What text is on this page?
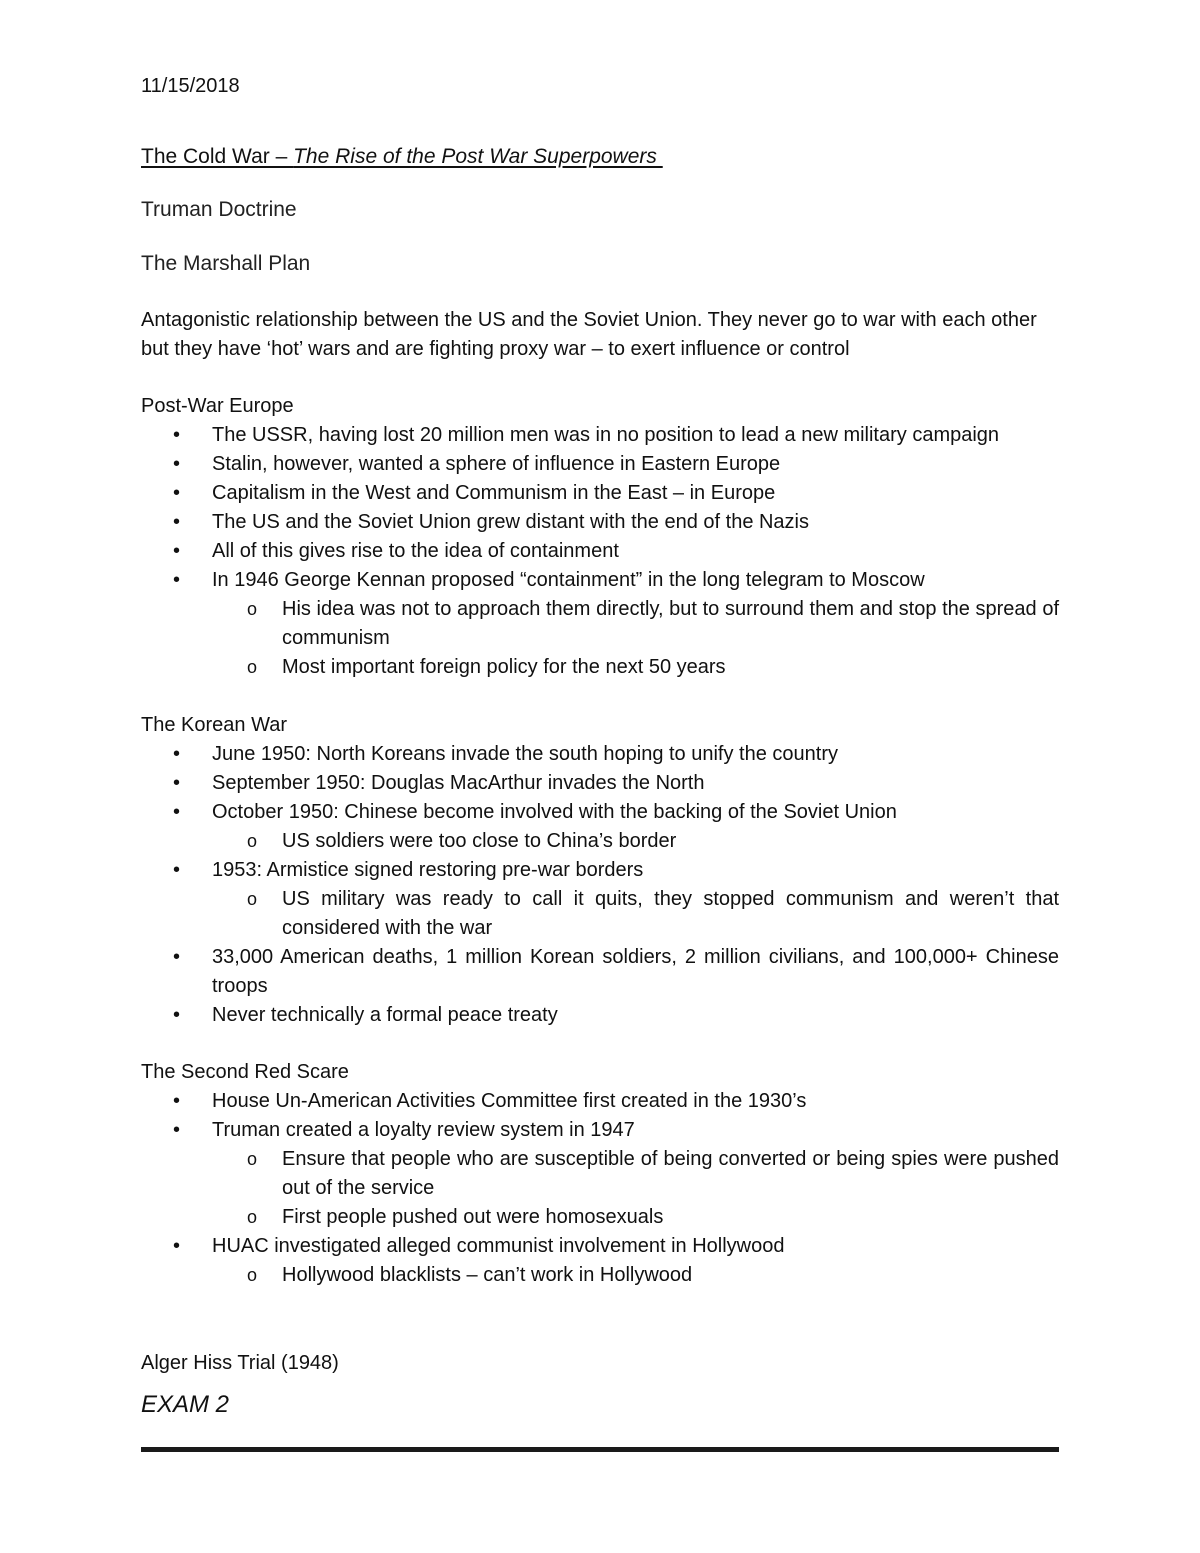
11/15/2018
The Cold War – The Rise of the Post War Superpowers
Truman Doctrine
The Marshall Plan
Antagonistic relationship between the US and the Soviet Union. They never go to war with each other but they have ‘hot’ wars and are fighting proxy war – to exert influence or control
Post-War Europe
• The USSR, having lost 20 million men was in no position to lead a new military campaign
• Stalin, however, wanted a sphere of influence in Eastern Europe
• Capitalism in the West and Communism in the East – in Europe
• The US and the Soviet Union grew distant with the end of the Nazis
• All of this gives rise to the idea of containment
• In 1946 George Kennan proposed “containment” in the long telegram to Moscow
o His idea was not to approach them directly, but to surround them and stop the spread of communism
o Most important foreign policy for the next 50 years
The Korean War
• June 1950: North Koreans invade the south hoping to unify the country
• September 1950: Douglas MacArthur invades the North
• October 1950: Chinese become involved with the backing of the Soviet Union
o US soldiers were too close to China’s border
• 1953: Armistice signed restoring pre-war borders
o US military was ready to call it quits, they stopped communism and weren’t that considered with the war
• 33,000 American deaths, 1 million Korean soldiers, 2 million civilians, and 100,000+ Chinese troops
• Never technically a formal peace treaty
The Second Red Scare
• House Un-American Activities Committee first created in the 1930’s
• Truman created a loyalty review system in 1947
o Ensure that people who are susceptible of being converted or being spies were pushed out of the service
o First people pushed out were homosexuals
• HUAC investigated alleged communist involvement in Hollywood
o Hollywood blacklists – can’t work in Hollywood
Alger Hiss Trial (1948)
EXAM 2
